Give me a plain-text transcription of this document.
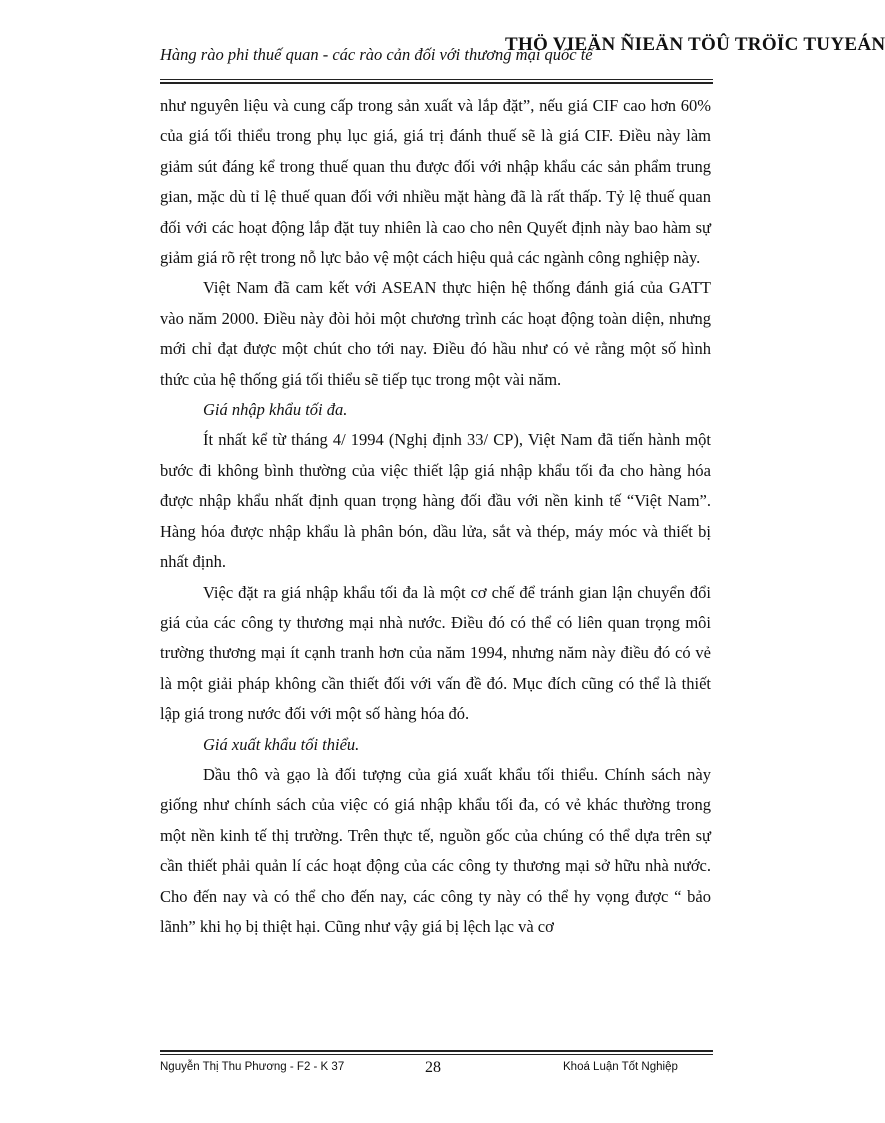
THÖ VIEÄN ÑIEÄN TÖÛ TRÖÏC TUYEÁN
Hàng rào phi thuế quan - các rào cản đối với thương mại quốc tế

như nguyên liệu và cung cấp trong sản xuất và lắp đặt”, nếu giá CIF cao hơn 60% của giá tối thiểu trong phụ lục giá, giá trị đánh thuế sẽ là giá CIF. Điều này làm giảm sút đáng kể trong thuế quan thu được đối với nhập khẩu các sản phẩm trung gian, mặc dù tỉ lệ thuế quan đối với nhiều mặt hàng đã là rất thấp. Tỷ lệ thuế quan đối với các hoạt động lắp đặt tuy nhiên là cao cho nên Quyết định này bao hàm sự giảm giá rõ rệt trong nỗ lực bảo vệ một cách hiệu quả các ngành công nghiệp này.

Việt Nam đã cam kết với ASEAN thực hiện hệ thống đánh giá của GATT vào năm 2000. Điều này đòi hỏi một chương trình các hoạt động toàn diện, nhưng mới chỉ đạt được một chút cho tới nay. Điều đó hầu như có vẻ rằng một số hình thức của hệ thống giá tối thiểu sẽ tiếp tục trong một vài năm.

Giá nhập khẩu tối đa.

Ít nhất kể từ tháng 4/ 1994 (Nghị định 33/ CP), Việt Nam đã tiến hành một bước đi không bình thường của việc thiết lập giá nhập khẩu tối đa cho hàng hóa được nhập khẩu nhất định quan trọng hàng đối đầu với nền kinh tế “Việt Nam”. Hàng hóa được nhập khẩu là phân bón, dầu lửa, sắt và thép, máy móc và thiết bị nhất định.

Việc đặt ra giá nhập khẩu tối đa là một cơ chế để tránh gian lận chuyển đổi giá của các công ty thương mại nhà nước. Điều đó có thể có liên quan trọng môi trường thương mại ít cạnh tranh hơn của năm 1994, nhưng năm này điều đó có vẻ là một giải pháp không cần thiết đối với vấn đề đó. Mục đích cũng có thể là thiết lập giá trong nước đối với một số hàng hóa đó.

Giá xuất khẩu tối thiểu.

Dầu thô và gạo là đối tượng của giá xuất khẩu tối thiểu. Chính sách này giống như chính sách của việc có giá nhập khẩu tối đa, có vẻ khác thường trong một nền kinh tế thị trường. Trên thực tế, nguồn gốc của chúng có thể dựa trên sự cần thiết phải quản lí các hoạt động của các công ty thương mại sở hữu nhà nước. Cho đến nay và có thể cho đến nay, các công ty này có thể hy vọng được “ bảo lãnh” khi họ bị thiệt hại. Cũng như vậy giá bị lệch lạc và cơ

Nguyễn Thị Thu Phương - F2 - K 37	28	Khoá Luận Tốt Nghiệp
